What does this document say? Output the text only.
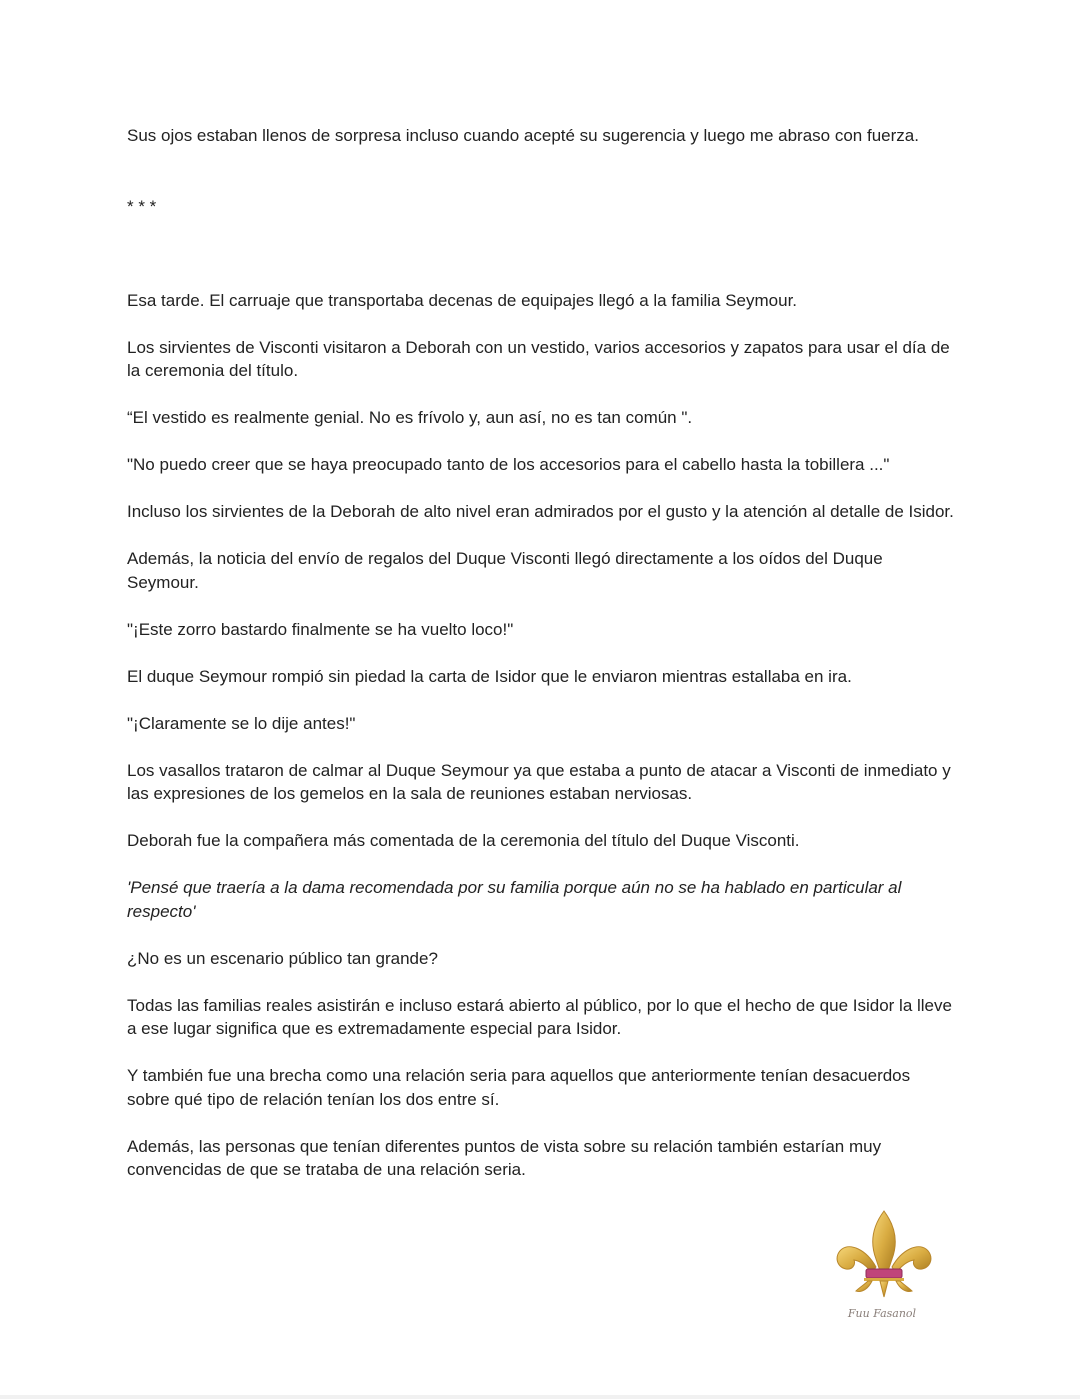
Sus ojos estaban llenos de sorpresa incluso cuando acepté su sugerencia y luego me abraso con fuerza.

* * *

Esa tarde. El carruaje que transportaba decenas de equipajes llegó a la familia Seymour.

Los sirvientes de Visconti visitaron a Deborah con un vestido, varios accesorios y zapatos para usar el día de la ceremonia del título.

“El vestido es realmente genial. No es frívolo y, aun así, no es tan común ".

"No puedo creer que se haya preocupado tanto de los accesorios para el cabello hasta la tobillera ..."

Incluso los sirvientes de la Deborah de alto nivel eran admirados por el gusto y la atención al detalle de Isidor.

Además, la noticia del envío de regalos del Duque Visconti llegó directamente a los oídos del Duque Seymour.

"¡Este zorro bastardo finalmente se ha vuelto loco!"

El duque Seymour rompió sin piedad la carta de Isidor que le enviaron mientras estallaba en ira.

"¡Claramente se lo dije antes!"

Los vasallos trataron de calmar al Duque Seymour ya que estaba a punto de atacar a Visconti de inmediato y las expresiones de los gemelos en la sala de reuniones estaban nerviosas.

Deborah fue la compañera más comentada de la ceremonia del título del Duque Visconti.

'Pensé que traería a la dama recomendada por su familia porque aún no se ha hablado en particular al respecto'

¿No es un escenario público tan grande?

Todas las familias reales asistirán e incluso estará abierto al público, por lo que el hecho de que Isidor la lleve a ese lugar significa que es extremadamente especial para Isidor.

Y también fue una brecha como una relación seria para aquellos que anteriormente tenían desacuerdos sobre qué tipo de relación tenían los dos entre sí.

Además, las personas que tenían diferentes puntos de vista sobre su relación también estarían muy convencidas de que se trataba de una relación seria.

Fuu Fasanol
